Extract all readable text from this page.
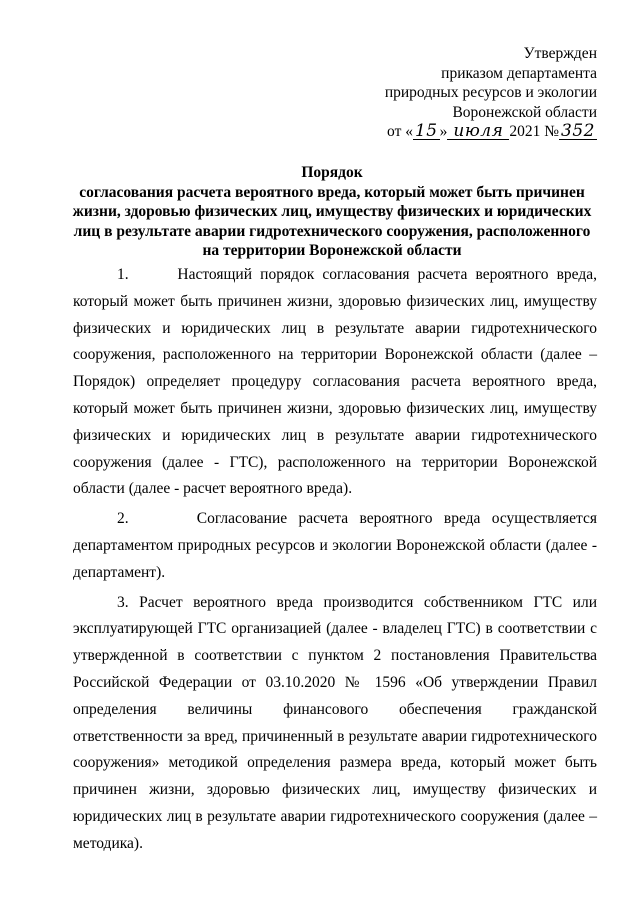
Утвержден
приказом департамента
природных ресурсов и экологии
Воронежской области
от « 15 » июля 2021 № 352
Порядок
согласования расчета вероятного вреда, который может быть причинен жизни, здоровью физических лиц, имуществу физических и юридических лиц в результате аварии гидротехнического сооружения, расположенного на территории Воронежской области

1.      Настоящий порядок согласования расчета вероятного вреда, который может быть причинен жизни, здоровью физических лиц, имуществу физических и юридических лиц в результате аварии гидротехнического сооружения, расположенного на территории Воронежской области (далее – Порядок) определяет процедуру согласования расчета вероятного вреда, который может быть причинен жизни, здоровью физических лиц, имуществу физических и юридических лиц в результате аварии гидротехнического сооружения (далее - ГТС), расположенного на территории Воронежской области (далее - расчет вероятного вреда).

2.      Согласование расчета вероятного вреда осуществляется департаментом природных ресурсов и экологии Воронежской области (далее - департамент).

3. Расчет вероятного вреда производится собственником ГТС или эксплуатирующей ГТС организацией (далее - владелец ГТС) в соответствии с утвержденной в соответствии с пунктом 2 постановления Правительства Российской Федерации от 03.10.2020 № 1596 «Об утверждении Правил определения величины финансового обеспечения гражданской ответственности за вред, причиненный в результате аварии гидротехнического сооружения» методикой определения размера вреда, который может быть причинен жизни, здоровью физических лиц, имуществу физических и юридических лиц в результате аварии гидротехнического сооружения (далее – методика).
